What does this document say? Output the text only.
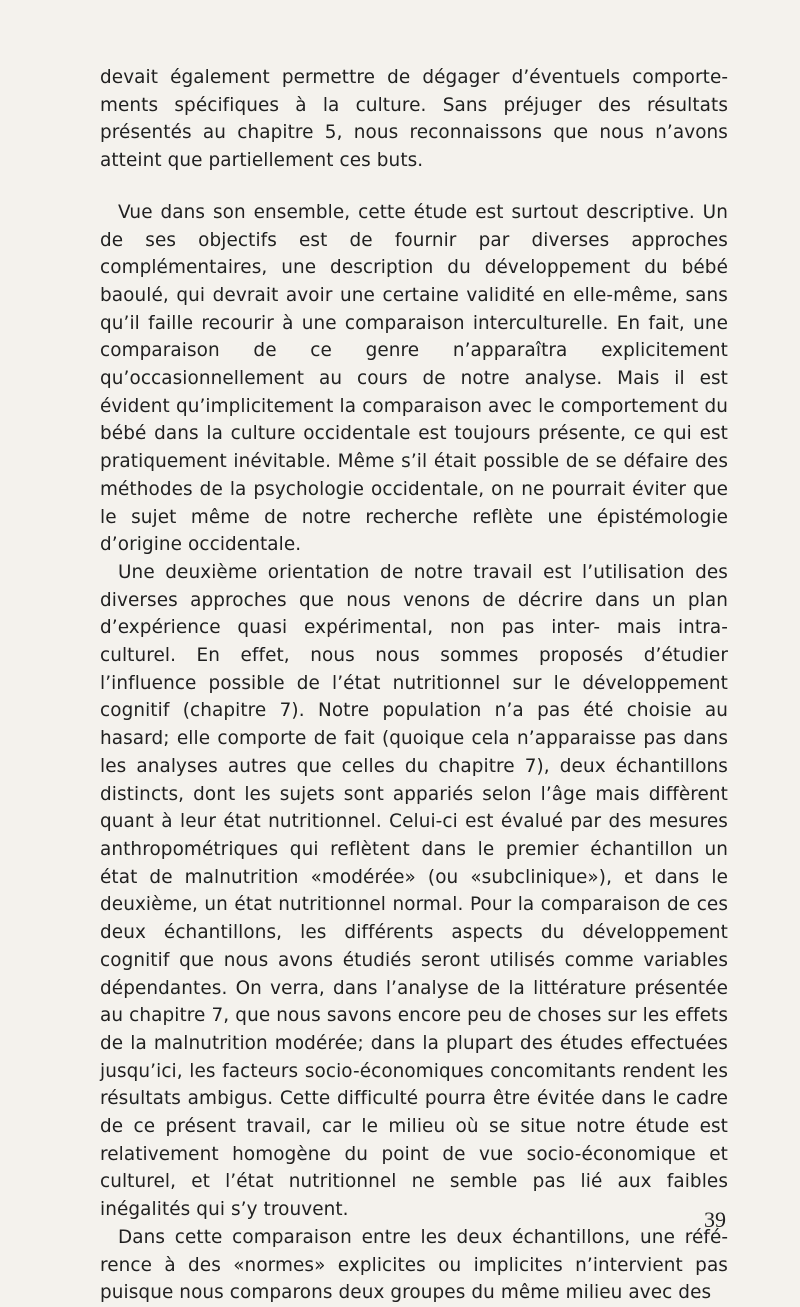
devait également permettre de dégager d’éventuels comportements spécifiques à la culture. Sans préjuger des résultats présentés au chapitre 5, nous reconnaissons que nous n’avons atteint que partiellement ces buts.

Vue dans son ensemble, cette étude est surtout descriptive. Un de ses objectifs est de fournir par diverses approches complémentaires, une description du développement du bébé baoulé, qui devrait avoir une certaine validité en elle-même, sans qu’il faille recourir à une comparaison interculturelle. En fait, une comparaison de ce genre n’apparaîtra explicitement qu’occasionnellement au cours de notre analyse. Mais il est évident qu’implicitement la comparaison avec le comportement du bébé dans la culture occidentale est toujours présente, ce qui est pratiquement inévitable. Même s’il était possible de se défaire des méthodes de la psychologie occidentale, on ne pourrait éviter que le sujet même de notre recherche reflète une épistémologie d’origine occidentale.

Une deuxième orientation de notre travail est l’utilisation des diverses approches que nous venons de décrire dans un plan d’expérience quasi expérimental, non pas inter- mais intra-culturel. En effet, nous nous sommes proposés d’étudier l’influence possible de l’état nutritionnel sur le développement cognitif (chapitre 7). Notre population n’a pas été choisie au hasard; elle comporte de fait (quoique cela n’apparaisse pas dans les analyses autres que celles du chapitre 7), deux échantillons distincts, dont les sujets sont appariés selon l’âge mais diffèrent quant à leur état nutritionnel. Celui-ci est évalué par des mesures anthropométriques qui reflètent dans le premier échantillon un état de malnutrition «modérée» (ou «subclinique»), et dans le deuxième, un état nutritionnel normal. Pour la comparaison de ces deux échantillons, les différents aspects du développement cognitif que nous avons étudiés seront utilisés comme variables dépendantes. On verra, dans l’analyse de la littérature présentée au chapitre 7, que nous savons encore peu de choses sur les effets de la malnutrition modérée; dans la plupart des études effectuées jusqu’ici, les facteurs socio-économiques concomitants rendent les résultats ambigus. Cette difficulté pourra être évitée dans le cadre de ce présent travail, car le milieu où se situe notre étude est relativement homogène du point de vue socio-économique et culturel, et l’état nutritionnel ne semble pas lié aux faibles inégalités qui s’y trouvent.

Dans cette comparaison entre les deux échantillons, une référence à des «normes» explicites ou implicites n’intervient pas puisque nous comparons deux groupes du même milieu avec des

39
